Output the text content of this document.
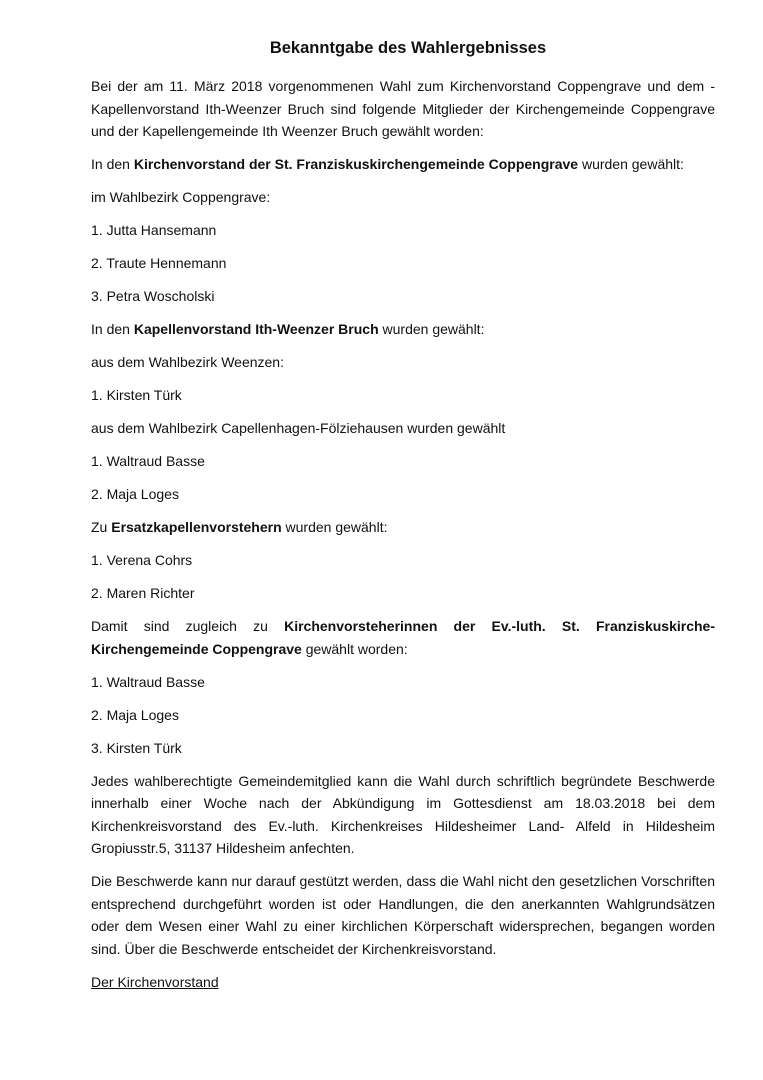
Bekanntgabe des Wahlergebnisses

Bei der am 11. März 2018 vorgenommenen Wahl zum Kirchenvorstand Coppengrave und dem - Kapellenvorstand Ith-Weenzer Bruch sind folgende Mitglieder der Kirchengemeinde Coppengrave und der Kapellengemeinde Ith Weenzer Bruch gewählt worden:

In den Kirchenvorstand der St. Franziskuskirchengemeinde Coppengrave wurden gewählt:

im Wahlbezirk Coppengrave:

1. Jutta Hansemann

2. Traute Hennemann

3. Petra Woscholski

In den Kapellenvorstand Ith-Weenzer Bruch wurden gewählt:

aus dem Wahlbezirk Weenzen:

1. Kirsten Türk

aus dem Wahlbezirk Capellenhagen-Fölziehausen wurden gewählt

1. Waltraud Basse

2. Maja Loges

Zu Ersatzkapellenvorstehern wurden gewählt:

1. Verena Cohrs

2. Maren Richter

Damit sind zugleich zu Kirchenvorsteherinnen der Ev.-luth. St. Franziskuskirche-Kirchengemeinde Coppengrave gewählt worden:

1. Waltraud Basse

2. Maja Loges

3. Kirsten Türk

Jedes wahlberechtigte Gemeindemitglied kann die Wahl durch schriftlich begründete Beschwerde innerhalb einer Woche nach der Abkündigung im Gottesdienst am 18.03.2018 bei dem Kirchenkreisvorstand des Ev.-luth. Kirchenkreises Hildesheimer Land- Alfeld in Hildesheim Gropiusstr.5, 31137 Hildesheim anfechten.

Die Beschwerde kann nur darauf gestützt werden, dass die Wahl nicht den gesetzlichen Vorschriften entsprechend durchgeführt worden ist oder Handlungen, die den anerkannten Wahlgrundsätzen oder dem Wesen einer Wahl zu einer kirchlichen Körperschaft widersprechen, begangen worden sind. Über die Beschwerde entscheidet der Kirchenkreisvorstand.

Der Kirchenvorstand
